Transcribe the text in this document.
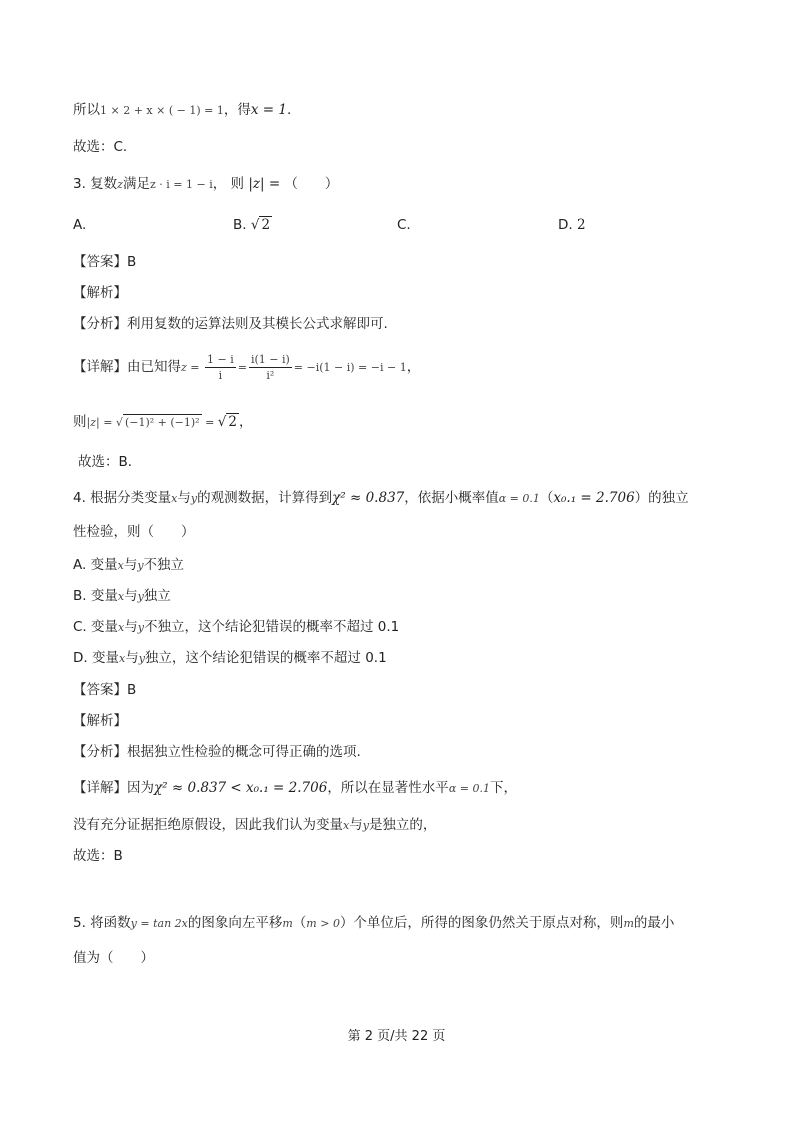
所以1 × 2 + x × ( − 1) = 1，得x = 1.
故选：C.
3. 复数z满足z · i = 1 − i， 则 |z| = （　　）
A.	B. √ 2	C.	D. 2
【答案】B
【解析】
【分析】利用复数的运算法则及其模长公式求解即可.
【详解】由已知得$z = \frac{1 - i}{i} = \frac{i(1 - i)}{\text{i²}} = -i(1 - i) = -i - 1$，
则|z| = √ (−1)² + (−1)² = √ 2 ，
故选：B．
4. 根据分类变量x与y的观测数据，计算得到χ² ≈ 0.837，依据小概率值α = 0.1（x₀.₁ = 2.706）的独立
性检验，则（　　）
A. 变量x与y不独立
B. 变量x与y独立
C. 变量x与y不独立，这个结论犯错误的概率不超过 0.1
D. 变量x与y独立，这个结论犯错误的概率不超过 0.1
【答案】B
【解析】
【分析】根据独立性检验的概念可得正确的选项.
【详解】因为χ² ≈ 0.837 < x₀.₁ = 2.706，所以在显著性水平α = 0.1下，
没有充分证据拒绝原假设，因此我们认为变量x与y是独立的，
故选：B
5. 将函数y = tan 2x的图象向左平移m（m > 0）个单位后，所得的图象仍然关于原点对称，则m的最小
值为（　　）
第 2 页/共 22 页
